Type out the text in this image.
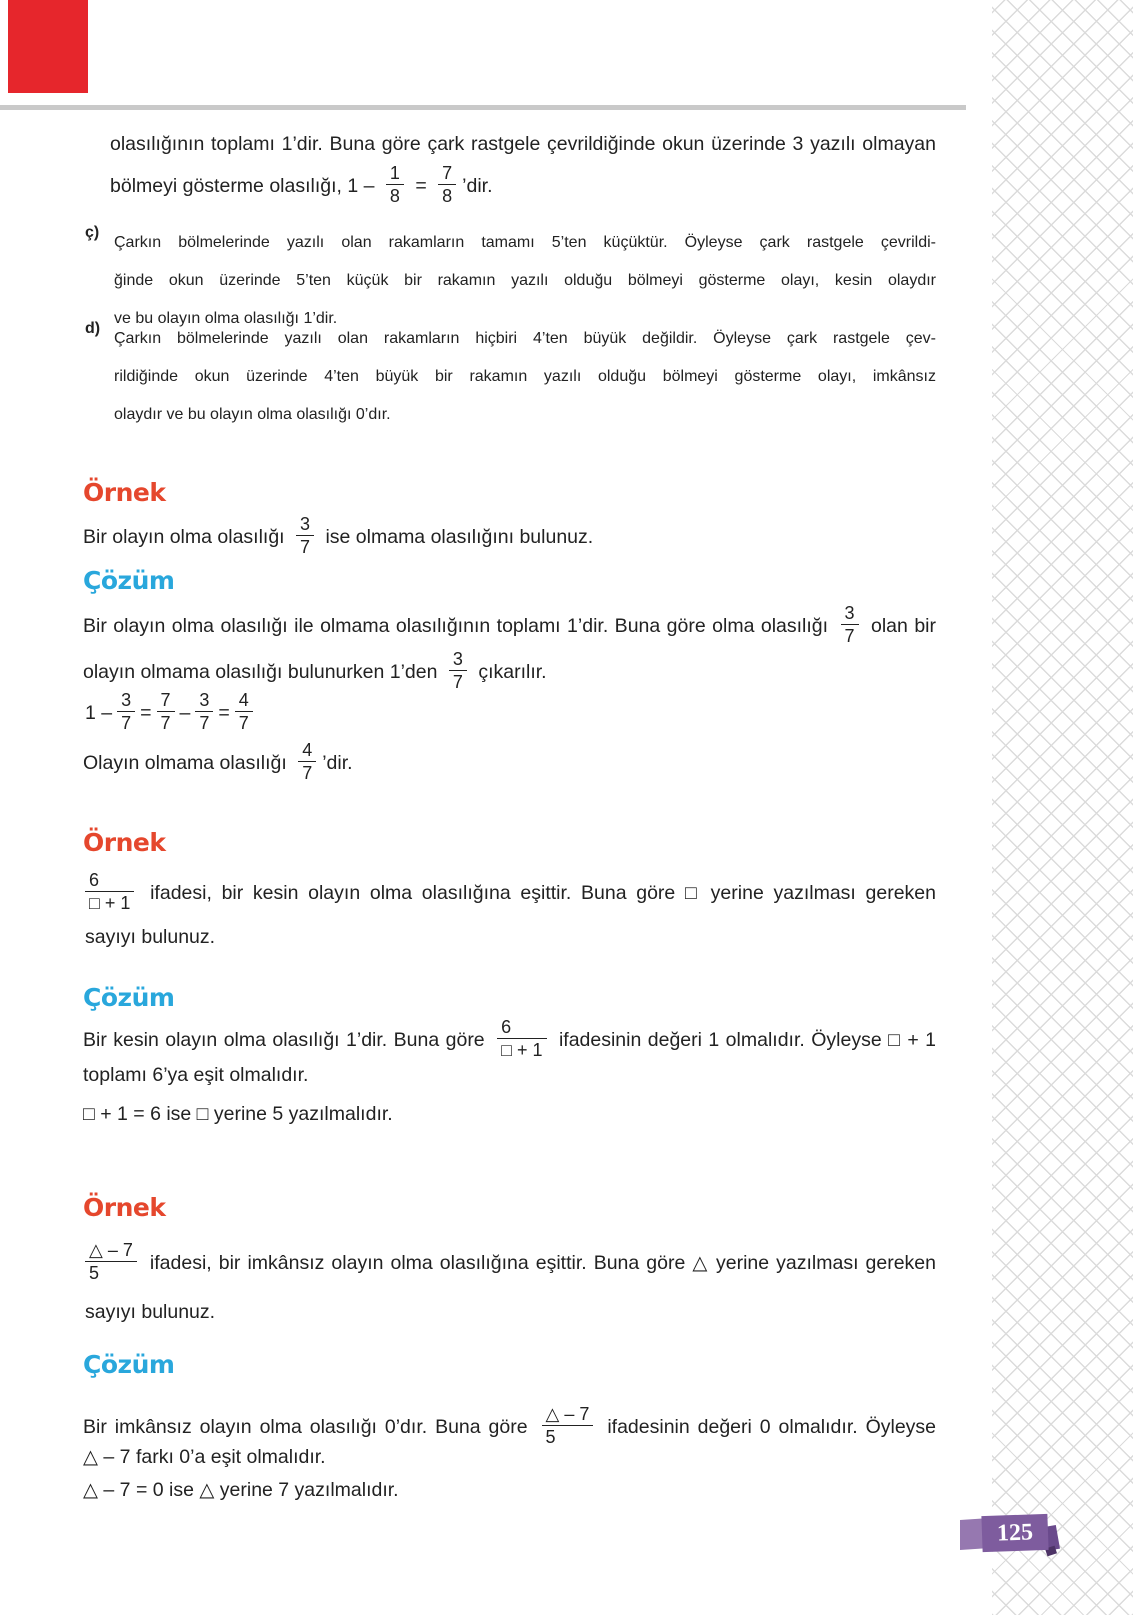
olasılığının toplamı 1’dir. Buna göre çark rastgele çevrildiğinde okun üzerinde 3 yazılı olmayan
bölmeyi gösterme olasılığı, $1 - \frac{1}{8} = \frac{7}{8}$ ’dir.
ç)
Çarkın bölmelerinde yazılı olan rakamların tamamı 5’ten küçüktür. Öyleyse çark rastgele çevrildi-
ğinde okun üzerinde 5’ten küçük bir rakamın yazılı olduğu bölmeyi gösterme olayı, kesin olaydır
ve bu olayın olma olasılığı 1’dir.
d)
Çarkın bölmelerinde yazılı olan rakamların hiçbiri 4’ten büyük değildir. Öyleyse çark rastgele çev-
rildiğinde okun üzerinde 4’ten büyük bir rakamın yazılı olduğu bölmeyi gösterme olayı, imkânsız
olaydır ve bu olayın olma olasılığı 0’dır.
Örnek
Bir olayın olma olasılığı $\frac{3}{7}$ ise olmama olasılığını bulunuz.
Çözüm
Bir olayın olma olasılığı ile olmama olasılığının toplamı 1’dir. Buna göre olma olasılığı $\frac{3}{7}$ olan bir
olayın olmama olasılığı bulunurken 1’den $\frac{3}{7}$ çıkarılır.
$1 - \frac{3}{7} = \frac{7}{7} - \frac{3}{7} = \frac{4}{7}$
Olayın olmama olasılığı $\frac{4}{7}$ ’dir.
Örnek
$\frac{6}{□ + 1}$ ifadesi, bir kesin olayın olma olasılığına eşittir. Buna göre □ yerine yazılması gereken
sayıyı bulunuz.
Çözüm
Bir kesin olayın olma olasılığı 1’dir. Buna göre $\frac{6}{□ + 1}$ ifadesinin değeri 1 olmalıdır. Öyleyse □ + 1
toplamı 6’ya eşit olmalıdır.
□ + 1 = 6 ise □ yerine 5 yazılmalıdır.
Örnek
$\frac{\triangle - 7}{5}$ ifadesi, bir imkânsız olayın olma olasılığına eşittir. Buna göre △ yerine yazılması gereken
sayıyı bulunuz.
Çözüm
Bir imkânsız olayın olma olasılığı 0’dır. Buna göre $\frac{\triangle - 7}{5}$ ifadesinin değeri 0 olmalıdır. Öyleyse
△ – 7 farkı 0’a eşit olmalıdır.
△ – 7 = 0 ise △ yerine 7 yazılmalıdır.
125
